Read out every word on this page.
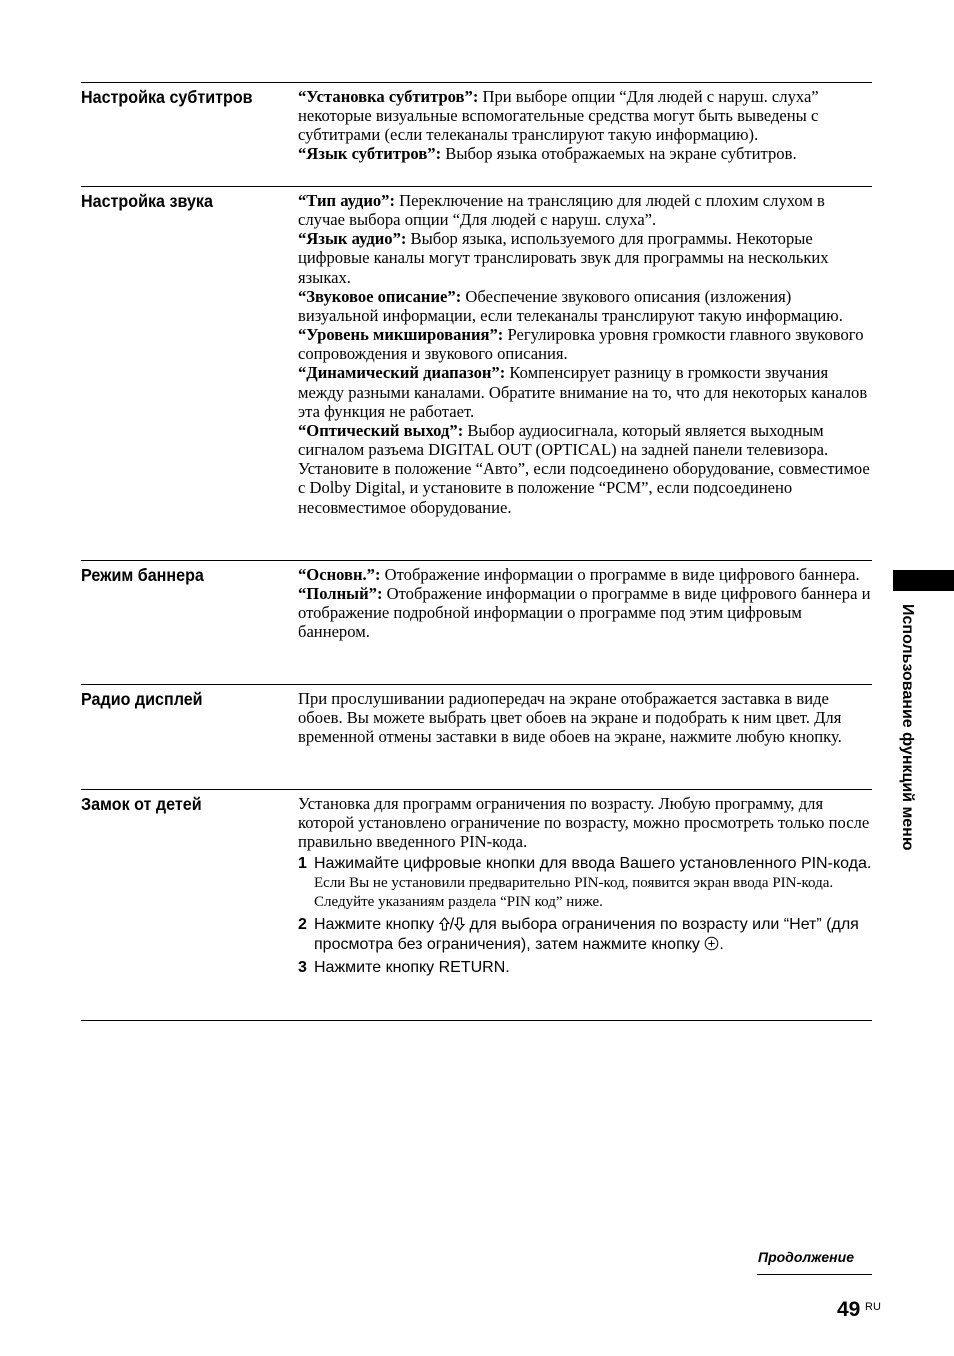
Настройка субтитров	“Установка субтитров”: При выборе опции “Для людей с наруш. слуха” некоторые визуальные вспомогательные средства могут быть выведены с субтитрами (если телеканалы транслируют такую информацию).

“Язык субтитров”: Выбор языка отображаемых на экране субтитров.

Настройка звука	“Тип аудио”: Переключение на трансляцию для людей с плохим слухом в случае выбора опции “Для людей с наруш. слуха”.

“Язык аудио”: Выбор языка, используемого для программы. Некоторые цифровые каналы могут транслировать звук для программы на нескольких языках.

“Звуковое описание”: Обеспечение звукового описания (изложения) визуальной информации, если телеканалы транслируют такую информацию.

“Уровень микширования”: Регулировка уровня громкости главного звукового сопровождения и звукового описания.

“Динамический диапазон”: Компенсирует разницу в громкости звучания между разными каналами. Обратите внимание на то, что для некоторых каналов эта функция не работает.

“Оптический выход”: Выбор аудиосигнала, который является выходным сигналом разъема DIGITAL OUT (OPTICAL) на задней панели телевизора. Установите в положение “Авто”, если подсоединено оборудование, совместимое с Dolby Digital, и установите в положение “PCM”, если подсоединено несовместимое оборудование.

Режим баннера	“Основн.”: Отображение информации о программе в виде цифрового баннера.

“Полный”: Отображение информации о программе в виде цифрового баннера и отображение подробной информации о программе под этим цифровым баннером.

Радио дисплей	При прослушивании радиопередач на экране отображается заставка в виде обоев. Вы можете выбрать цвет обоев на экране и подобрать к ним цвет. Для временной отмены заставки в виде обоев на экране, нажмите любую кнопку.

Замок от детей	Установка для программ ограничения по возрасту. Любую программу, для которой установлено ограничение по возрасту, можно просмотреть только после правильно введенного PIN-кода.

1 Нажимайте цифровые кнопки для ввода Вашего установленного PIN-кода.

Если Вы не установили предварительно PIN-код, появится экран ввода PIN-кода. Следуйте указаниям раздела “PIN код” ниже.

2 Нажмите кнопку / для выбора ограничения по возрасту или “Нет” (для просмотра без ограничения), затем нажмите кнопку .
3 Нажмите кнопку RETURN.
Использование функций меню
Продолжение
49 RU
